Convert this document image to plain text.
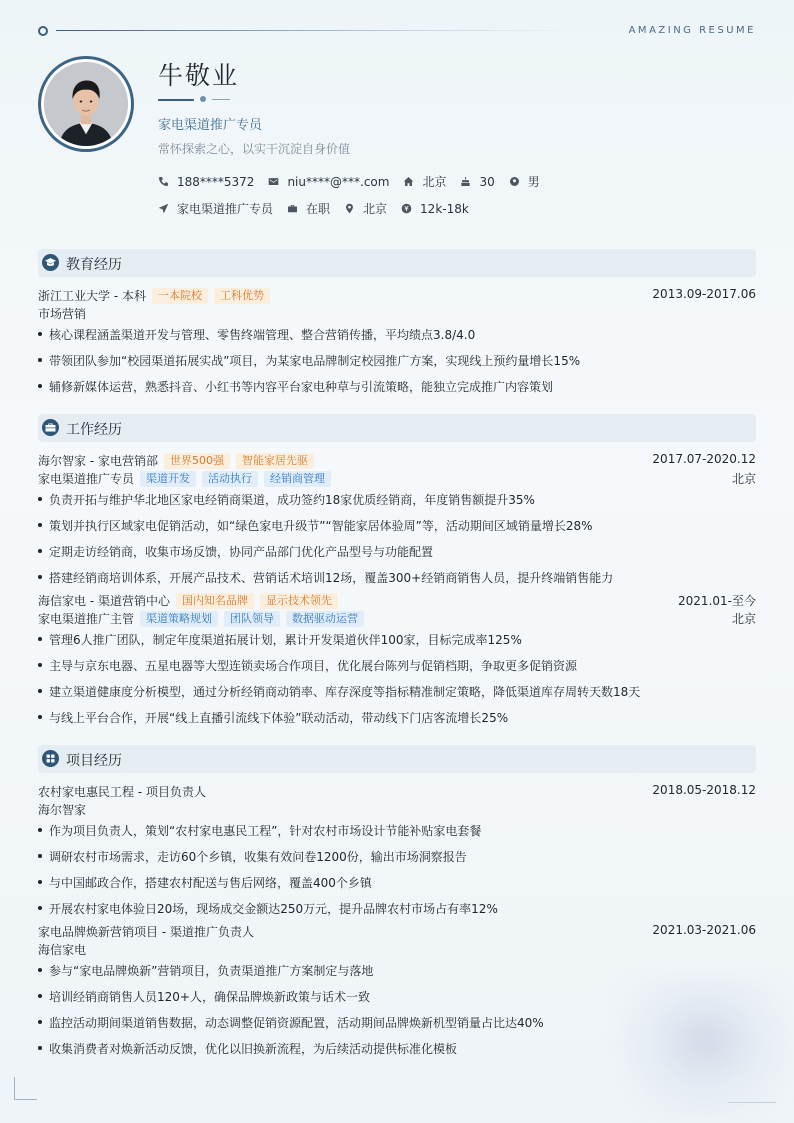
AMAZING RESUME
牛敬业
家电渠道推广专员
常怀探索之心，以实干沉淀自身价值
188****5372	niu****@***.com	北京	30	男
家电渠道推广专员	在职	北京	12k-18k
教育经历
浙江工业大学 - 本科	一本院校	工科优势	2013.09-2017.06
市场营销
核心课程涵盖渠道开发与管理、零售终端管理、整合营销传播，平均绩点3.8/4.0
带领团队参加“校园渠道拓展实战”项目，为某家电品牌制定校园推广方案，实现线上预约量增长15%
辅修新媒体运营，熟悉抖音、小红书等内容平台家电种草与引流策略，能独立完成推广内容策划
工作经历
海尔智家 - 家电营销部	世界500强	智能家居先驱	2017.07-2020.12
家电渠道推广专员	渠道开发	活动执行	经销商管理	北京
负责开拓与维护华北地区家电经销商渠道，成功签约18家优质经销商，年度销售额提升35%
策划并执行区域家电促销活动，如“绿色家电升级节”“智能家居体验周”等，活动期间区域销量增长28%
定期走访经销商，收集市场反馈，协同产品部门优化产品型号与功能配置
搭建经销商培训体系，开展产品技术、营销话术培训12场，覆盖300+经销商销售人员，提升终端销售能力
海信家电 - 渠道营销中心	国内知名品牌	显示技术领先	2021.01-至今
家电渠道推广主管	渠道策略规划	团队领导	数据驱动运营	北京
管理6人推广团队，制定年度渠道拓展计划，累计开发渠道伙伴100家，目标完成率125%
主导与京东电器、五星电器等大型连锁卖场合作项目，优化展台陈列与促销档期，争取更多促销资源
建立渠道健康度分析模型，通过分析经销商动销率、库存深度等指标精准制定策略，降低渠道库存周转天数18天
与线上平台合作，开展“线上直播引流线下体验”联动活动，带动线下门店客流增长25%
项目经历
农村家电惠民工程 - 项目负责人	2018.05-2018.12
海尔智家
作为项目负责人，策划“农村家电惠民工程”，针对农村市场设计节能补贴家电套餐
调研农村市场需求，走访60个乡镇，收集有效问卷1200份，输出市场洞察报告
与中国邮政合作，搭建农村配送与售后网络，覆盖400个乡镇
开展农村家电体验日20场，现场成交金额达250万元，提升品牌农村市场占有率12%
家电品牌焕新营销项目 - 渠道推广负责人	2021.03-2021.06
海信家电
参与“家电品牌焕新”营销项目，负责渠道推广方案制定与落地
培训经销商销售人员120+人，确保品牌焕新政策与话术一致
监控活动期间渠道销售数据，动态调整促销资源配置，活动期间品牌焕新机型销量占比达40%
收集消费者对焕新活动反馈，优化以旧换新流程，为后续活动提供标准化模板
